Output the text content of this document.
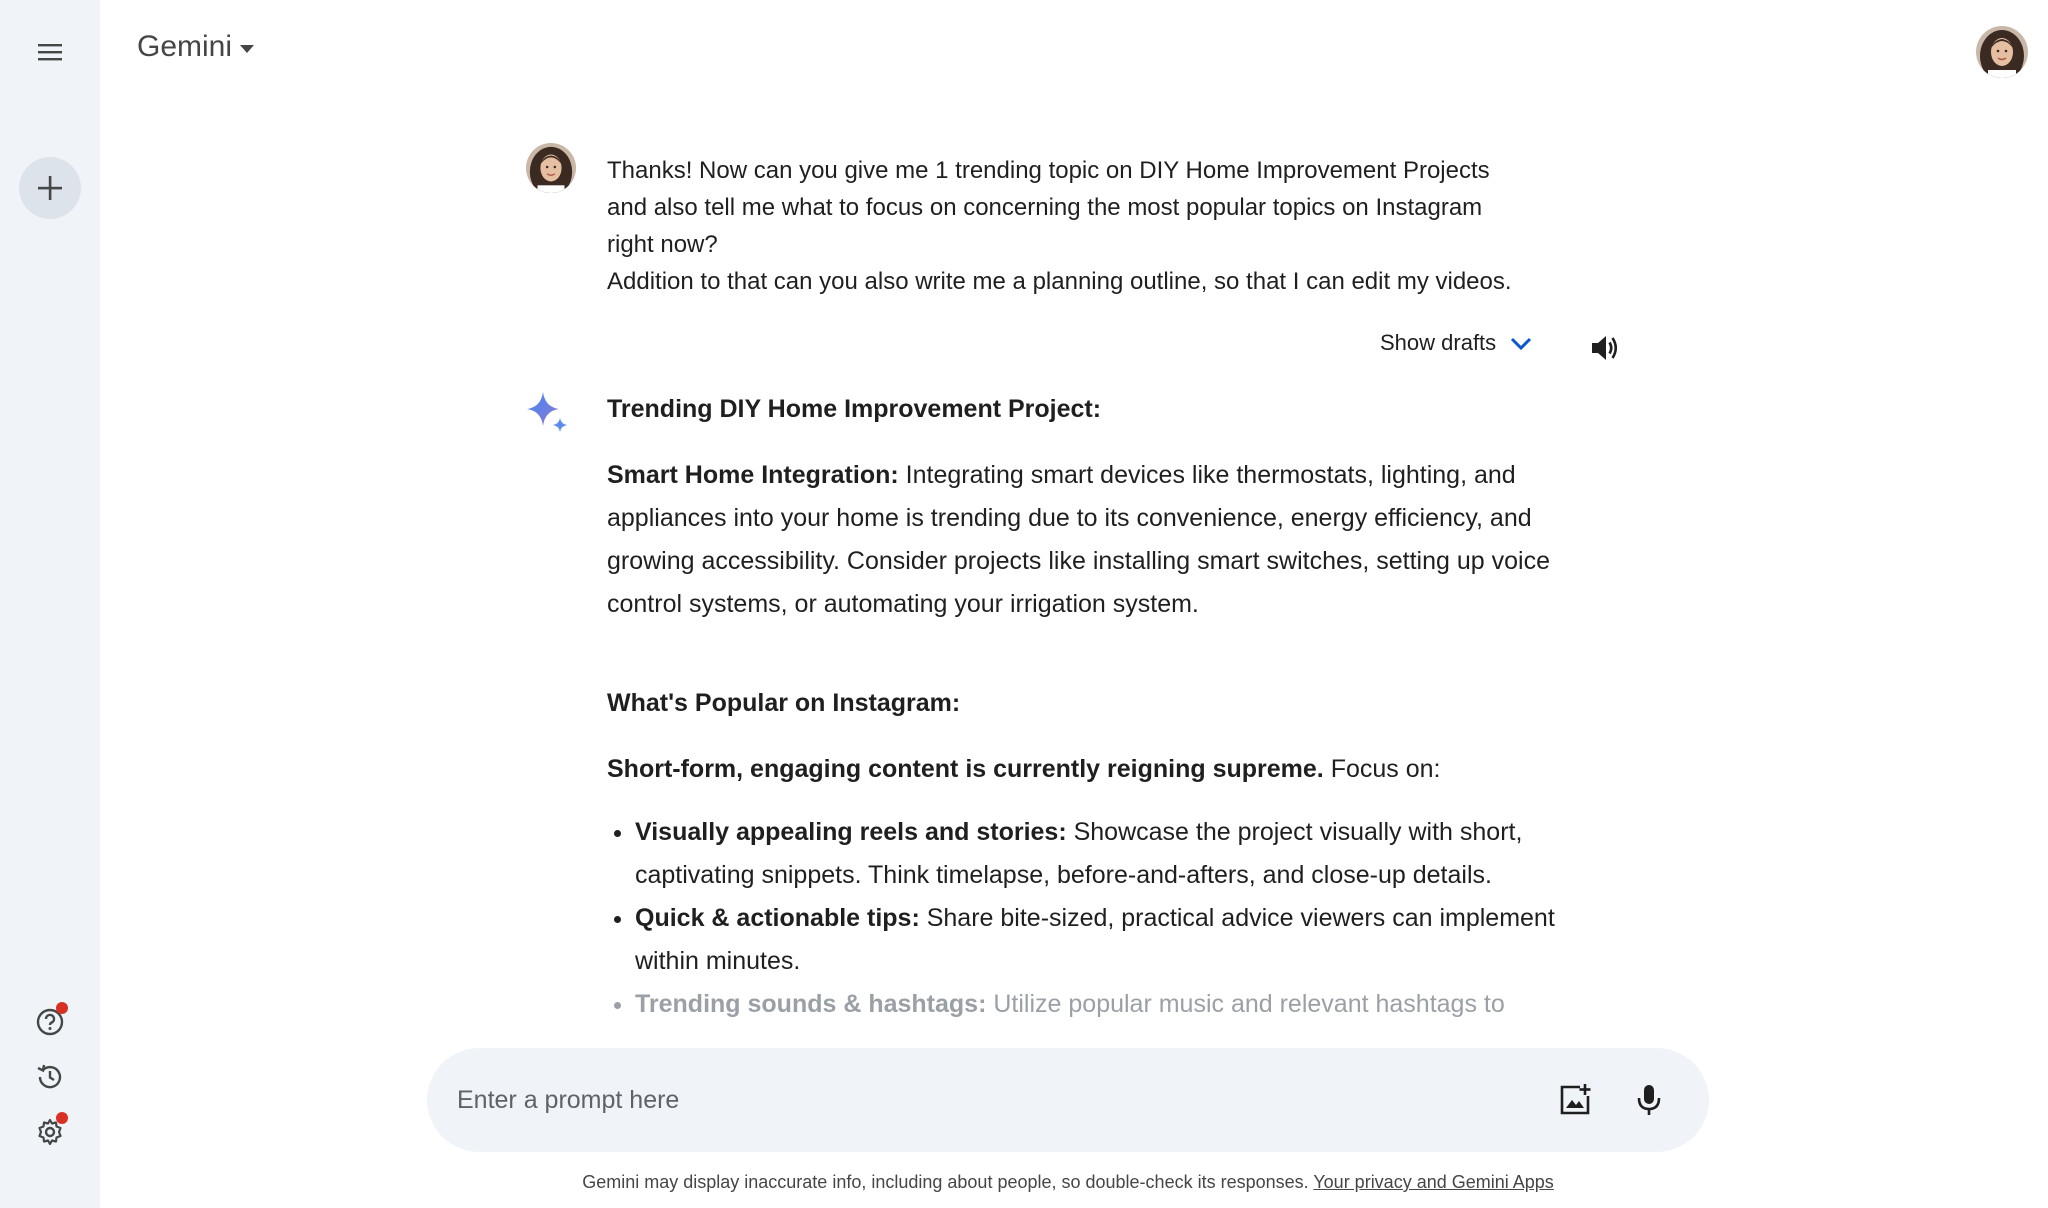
Gemini
Thanks! Now can you give me 1 trending topic on DIY Home Improvement Projects
and also tell me what to focus on concerning the most popular topics on Instagram
right now?
Addition to that can you also write me a planning outline, so that I can edit my videos.
Show drafts
Trending DIY Home Improvement Project:

Smart Home Integration: Integrating smart devices like thermostats, lighting, and appliances into your home is trending due to its convenience, energy efficiency, and growing accessibility. Consider projects like installing smart switches, setting up voice control systems, or automating your irrigation system.

What's Popular on Instagram:

Short-form, engaging content is currently reigning supreme. Focus on:

Visually appealing reels and stories: Showcase the project visually with short, captivating snippets. Think timelapse, before-and-afters, and close-up details.
Quick & actionable tips: Share bite-sized, practical advice viewers can implement within minutes.
Trending sounds & hashtags: Utilize popular music and relevant hashtags to
Enter a prompt here
Gemini may display inaccurate info, including about people, so double-check its responses. Your privacy and Gemini Apps
